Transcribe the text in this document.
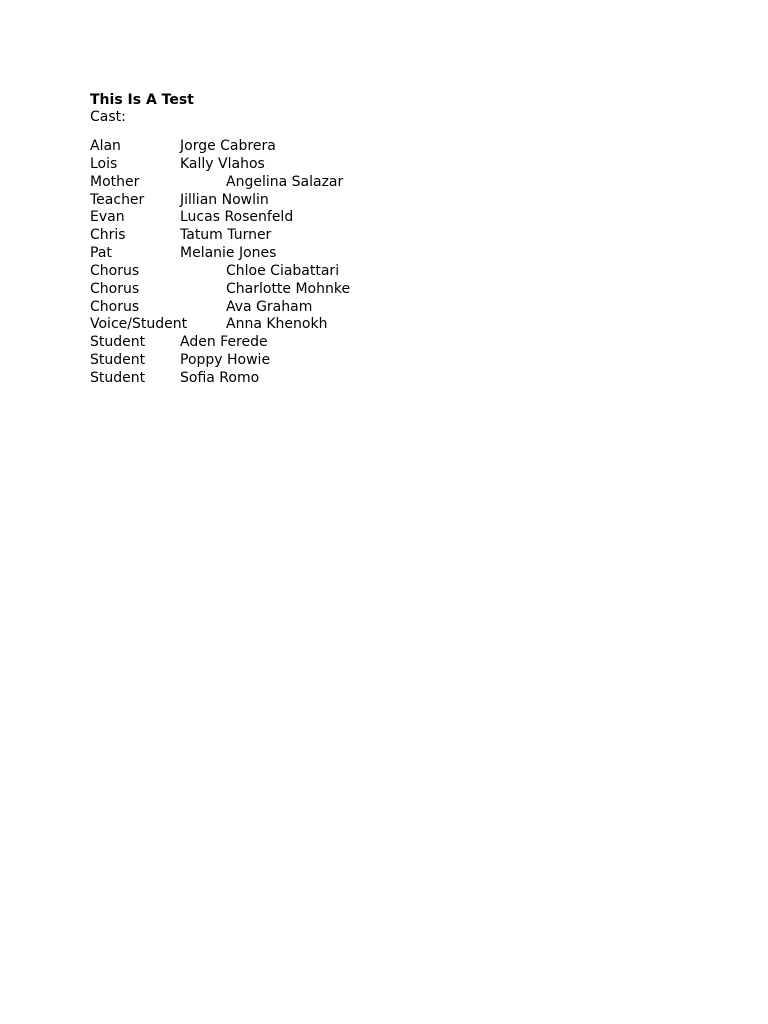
This Is A Test
Cast:
Alan	Jorge Cabrera
Lois	Kally Vlahos
Mother	Angelina Salazar
Teacher	Jillian Nowlin
Evan	Lucas Rosenfeld
Chris	Tatum Turner
Pat	Melanie Jones
Chorus	Chloe Ciabattari
Chorus	Charlotte Mohnke
Chorus	Ava Graham
Voice/Student	Anna Khenokh
Student Aden Ferede
Student Poppy Howie
Student Sofia Romo
